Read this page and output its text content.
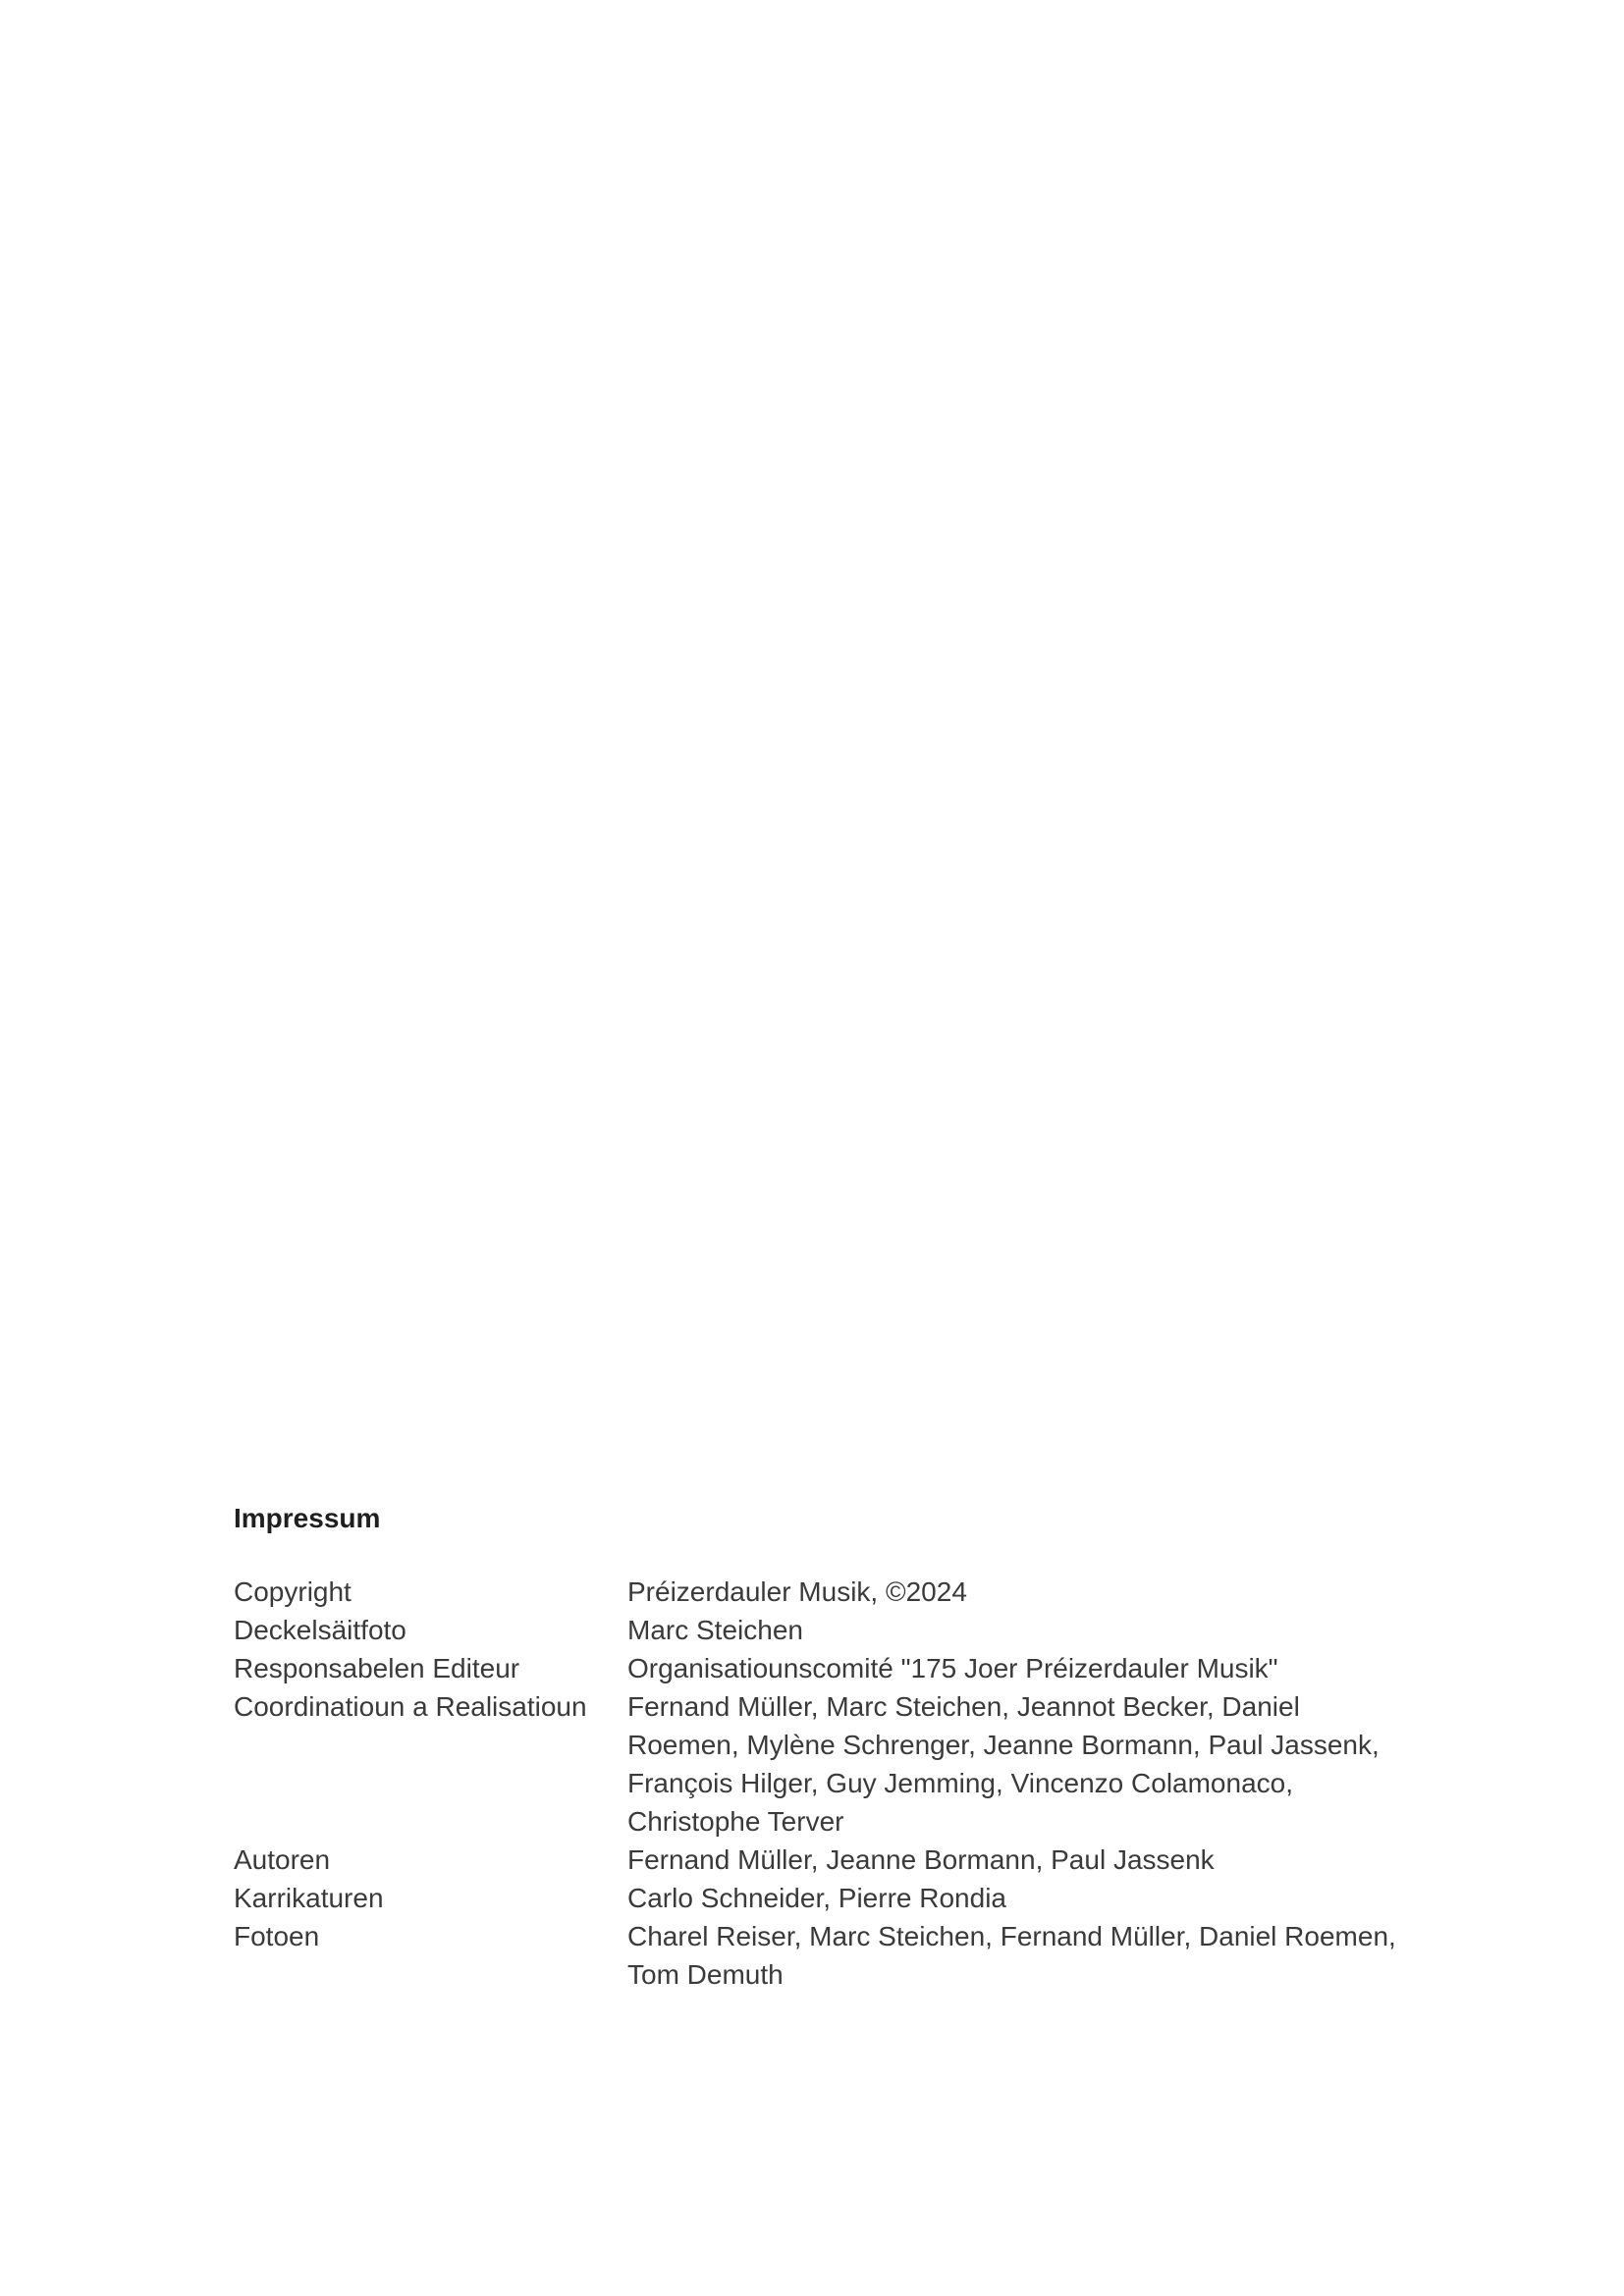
Impressum
Copyright	Préizerdauler Musik, ©2024
Deckelsäitfoto	Marc Steichen
Responsabelen Editeur	Organisatiounscomité "175 Joer Préizerdauler Musik"
Coordinatioun a Realisatioun	Fernand Müller, Marc Steichen, Jeannot Becker, Daniel Roemen, Mylène Schrenger, Jeanne Bormann, Paul Jassenk, François Hilger, Guy Jemming, Vincenzo Colamonaco, Christophe Terver
Autoren	Fernand Müller, Jeanne Bormann, Paul Jassenk
Karrikaturen	Carlo Schneider, Pierre Rondia
Fotoen	Charel Reiser, Marc Steichen, Fernand Müller, Daniel Roemen, Tom Demuth
